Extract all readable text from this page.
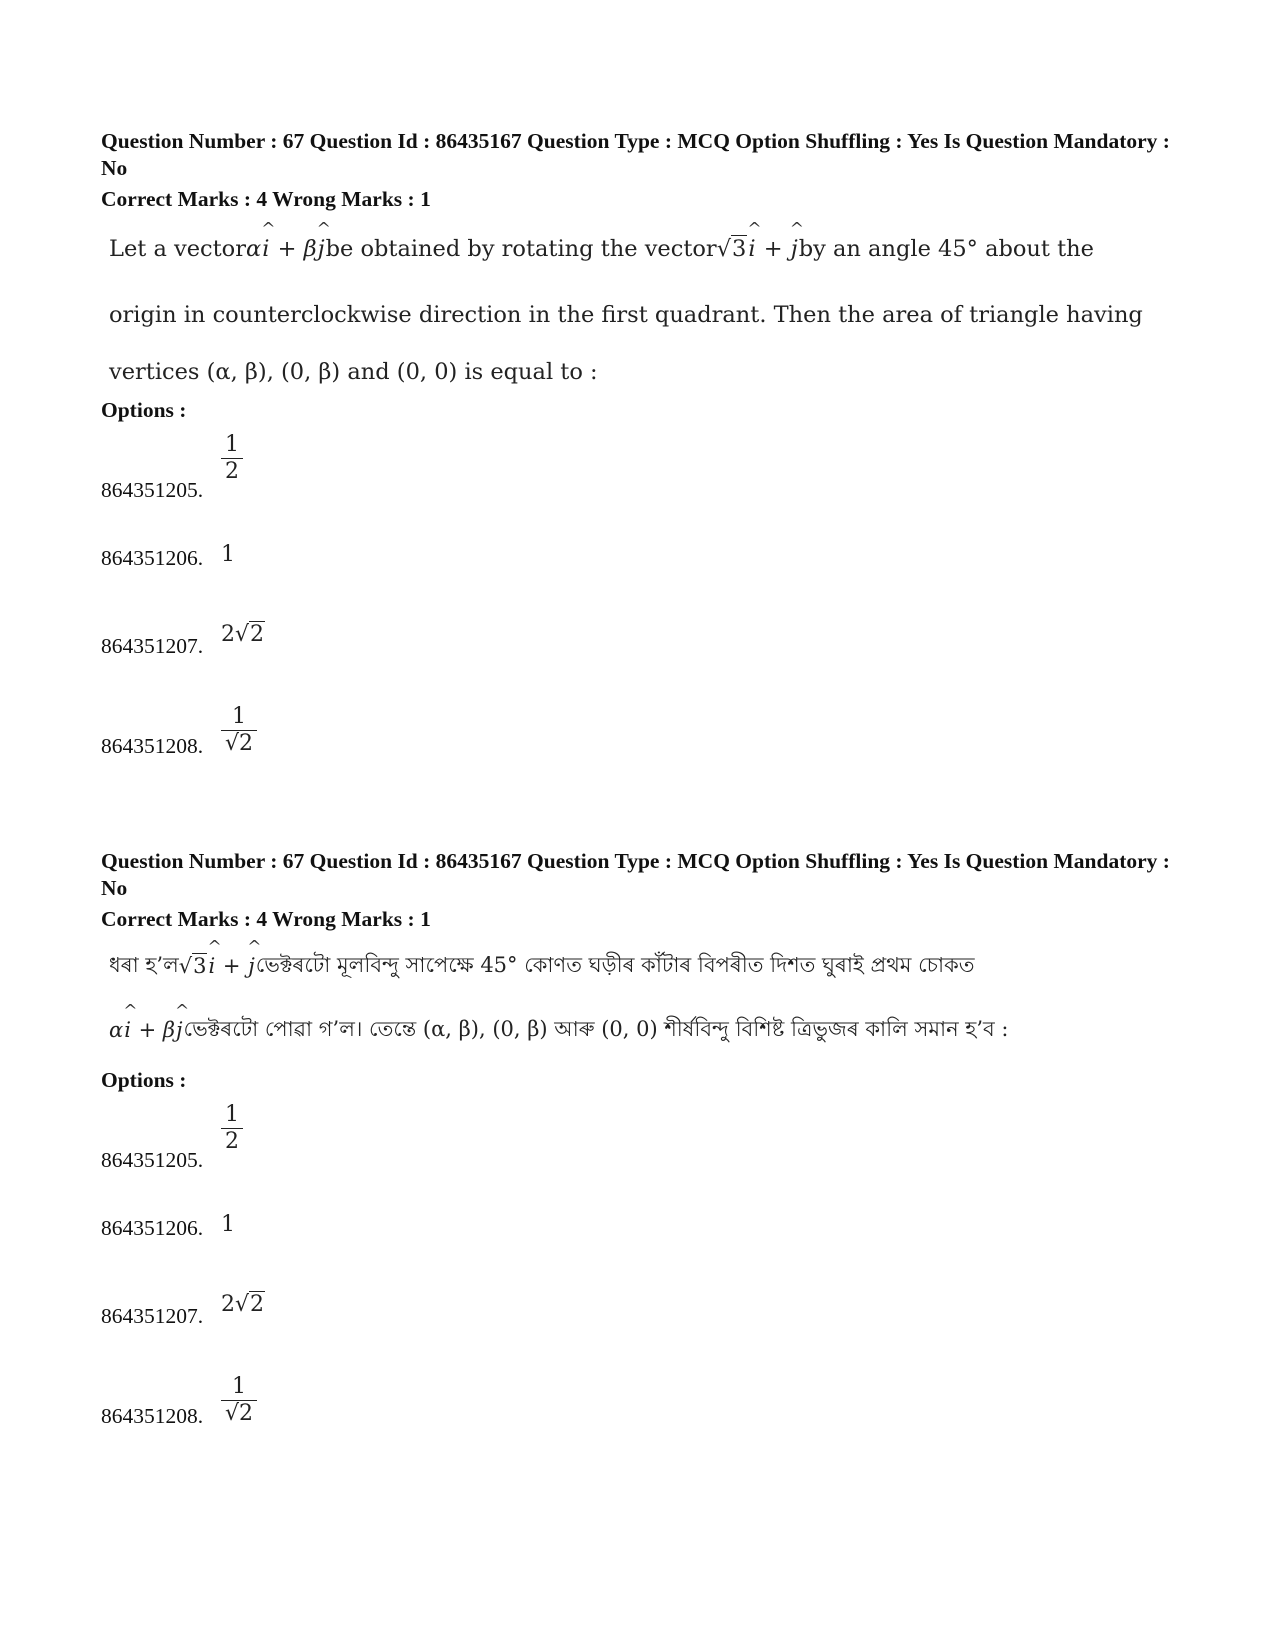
Question Number : 67 Question Id : 86435167 Question Type : MCQ Option Shuffling : Yes Is Question Mandatory : No
Correct Marks : 4 Wrong Marks : 1
Let a vector α ^ i
+
β ^ j be obtained by rotating the vector √3 ^ i
+
^ j by an angle 45° about the
origin in counterclockwise direction in the first quadrant. Then the area of triangle having
vertices (α, β), (0, β) and (0, 0) is equal to :
Options :
864351205.
$\frac{1}{2}$
864351206. 1
864351207. 2√2
864351208. $\frac{1}{√2}$
Question Number : 67 Question Id : 86435167 Question Type : MCQ Option Shuffling : Yes Is Question Mandatory : No
Correct Marks : 4 Wrong Marks : 1
ধৰা হ’ল √3 ^ i
+
^ j ভেক্টৰটো মূলবিন্দু সাপেক্ষে 45° কোণত ঘড়ীৰ কাঁটাৰ বিপৰীত দিশত ঘুৰাই প্ৰথম চোকত
α ^ i
+
β ^ j ভেক্টৰটো পোৱা গ’ল। তেন্তে (α, β), (0, β) আৰু (0, 0) শীৰ্ষবিন্দু বিশিষ্ট ত্ৰিভুজৰ কালি সমান হ’ব :
Options :
864351205.
$\frac{1}{2}$
864351206. 1
864351207. 2√2
864351208. $\frac{1}{√2}$
